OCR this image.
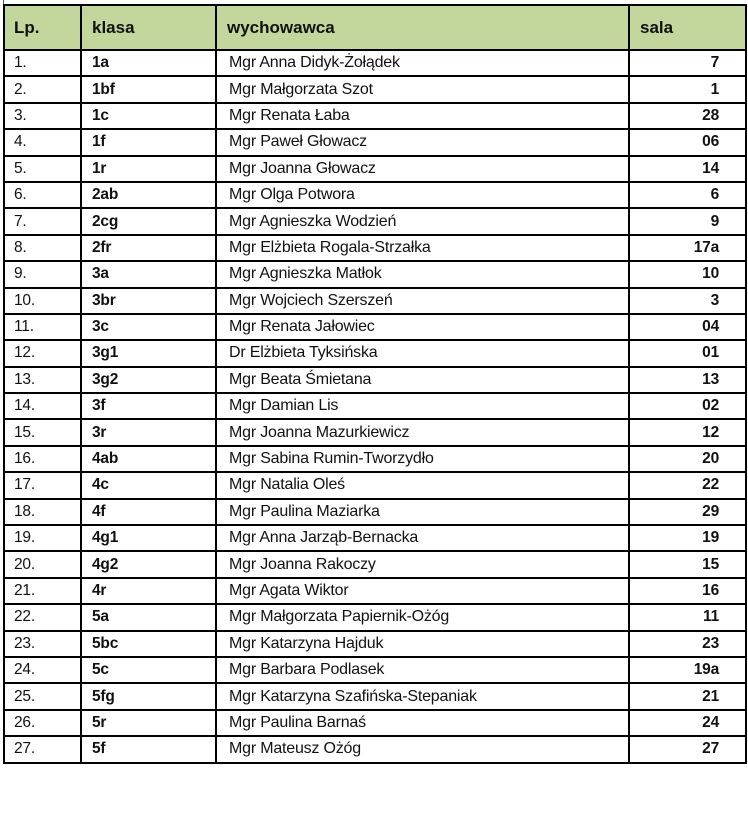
Lp.	klasa	wychowawca	sala
1.	1a	Mgr Anna Didyk-Żołądek	7
2.	1bf	Mgr Małgorzata Szot	1
3.	1c	Mgr Renata Łaba	28
4.	1f	Mgr Paweł Głowacz	06
5.	1r	Mgr Joanna Głowacz	14
6.	2ab	Mgr Olga Potwora	6
7.	2cg	Mgr Agnieszka Wodzień	9
8.	2fr	Mgr Elżbieta Rogala-Strzałka	17a
9.	3a	Mgr Agnieszka Matłok	10
10.	3br	Mgr Wojciech Szerszeń	3
11.	3c	Mgr Renata Jałowiec	04
12.	3g1	Dr Elżbieta Tyksińska	01
13.	3g2	Mgr Beata Śmietana	13
14.	3f	Mgr Damian Lis	02
15.	3r	Mgr Joanna Mazurkiewicz	12
16.	4ab	Mgr Sabina Rumin-Tworzydło	20
17.	4c	Mgr Natalia Oleś	22
18.	4f	Mgr Paulina Maziarka	29
19.	4g1	Mgr Anna Jarząb-Bernacka	19
20.	4g2	Mgr Joanna Rakoczy	15
21.	4r	Mgr Agata Wiktor	16
22.	5a	Mgr Małgorzata Papiernik-Ożóg	11
23.	5bc	Mgr Katarzyna Hajduk	23
24.	5c	Mgr Barbara Podlasek	19a
25.	5fg	Mgr Katarzyna Szafińska-Stepaniak	21
26.	5r	Mgr Paulina Barnaś	24
27.	5f	Mgr Mateusz Ożóg	27
